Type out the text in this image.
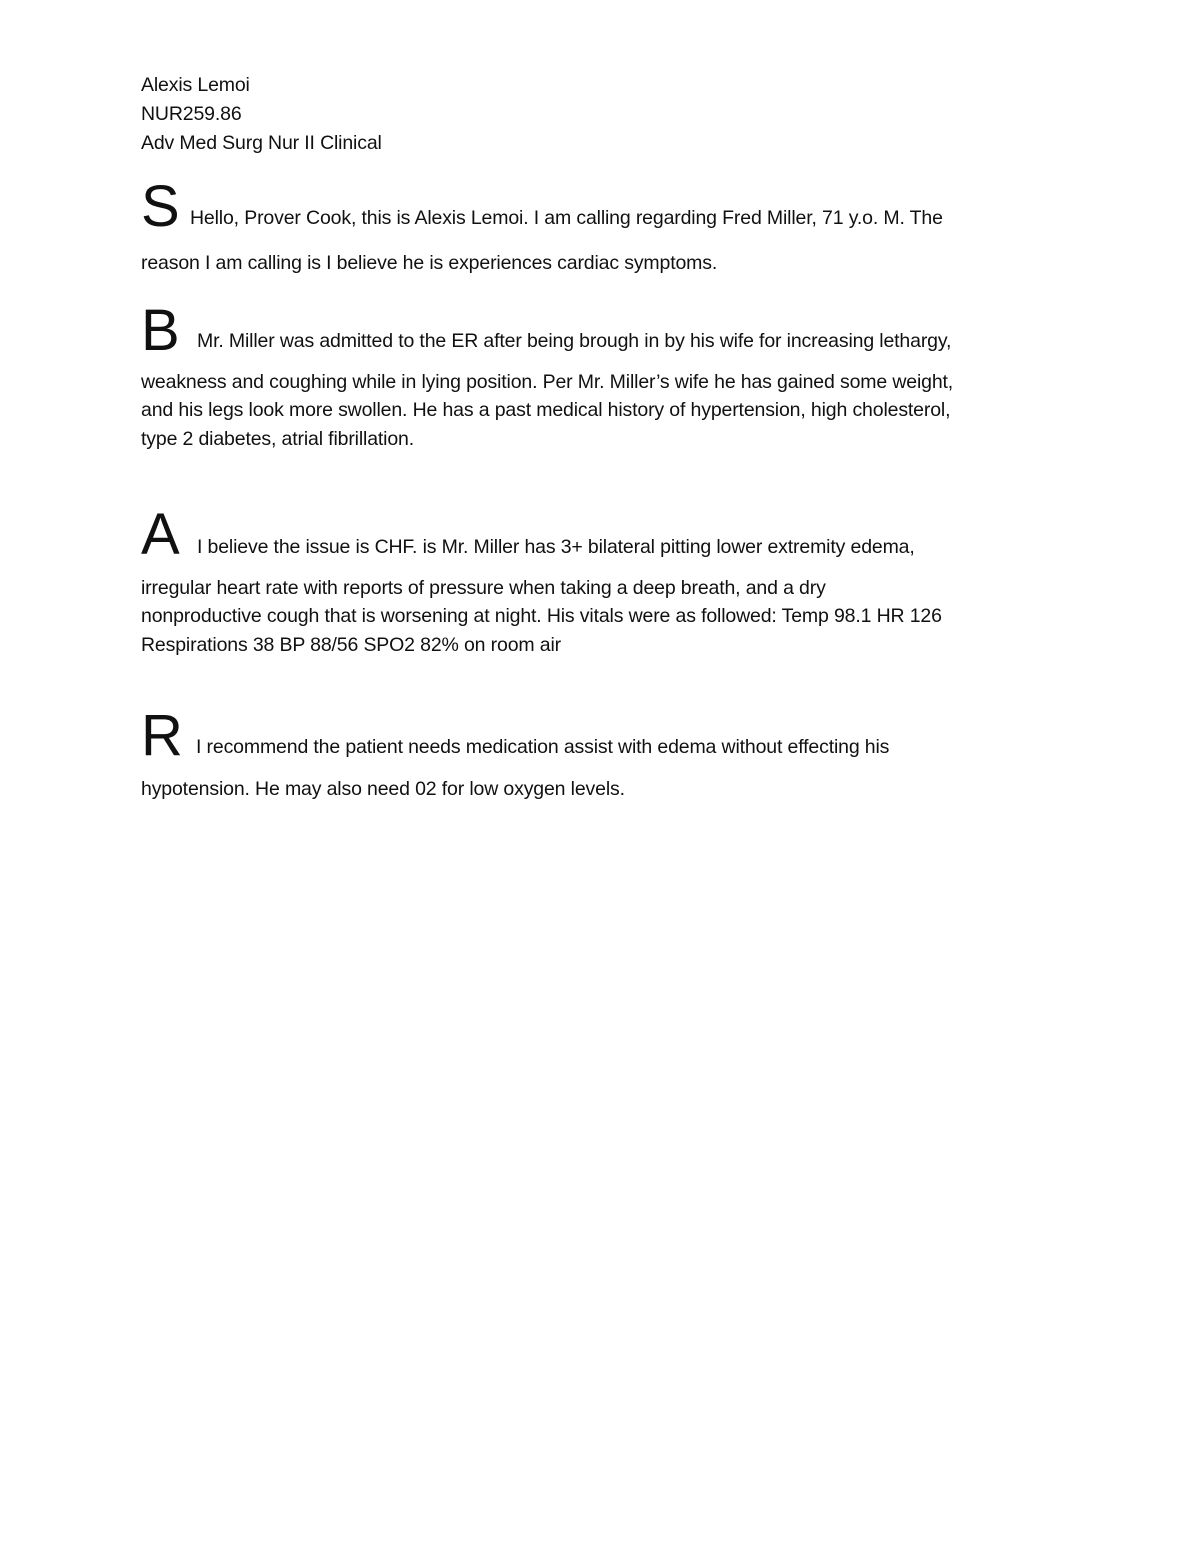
Alexis Lemoi
NUR259.86
Adv Med Surg Nur II Clinical
S Hello, Prover Cook, this is Alexis Lemoi. I am calling regarding Fred Miller, 71 y.o. M. The
reason I am calling is I believe he is experiences cardiac symptoms.
B Mr. Miller was admitted to the ER after being brough in by his wife for increasing lethargy,
weakness and coughing while in lying position. Per Mr. Miller’s wife he has gained some weight,
and his legs look more swollen. He has a past medical history of hypertension, high cholesterol,
type 2 diabetes, atrial fibrillation.
A I believe the issue is CHF. is Mr. Miller has 3+ bilateral pitting lower extremity edema,
irregular heart rate with reports of pressure when taking a deep breath, and a dry
nonproductive cough that is worsening at night. His vitals were as followed: Temp 98.1 HR 126
Respirations 38 BP 88/56 SPO2 82% on room air
R I recommend the patient needs medication assist with edema without effecting his
hypotension. He may also need 02 for low oxygen levels.
